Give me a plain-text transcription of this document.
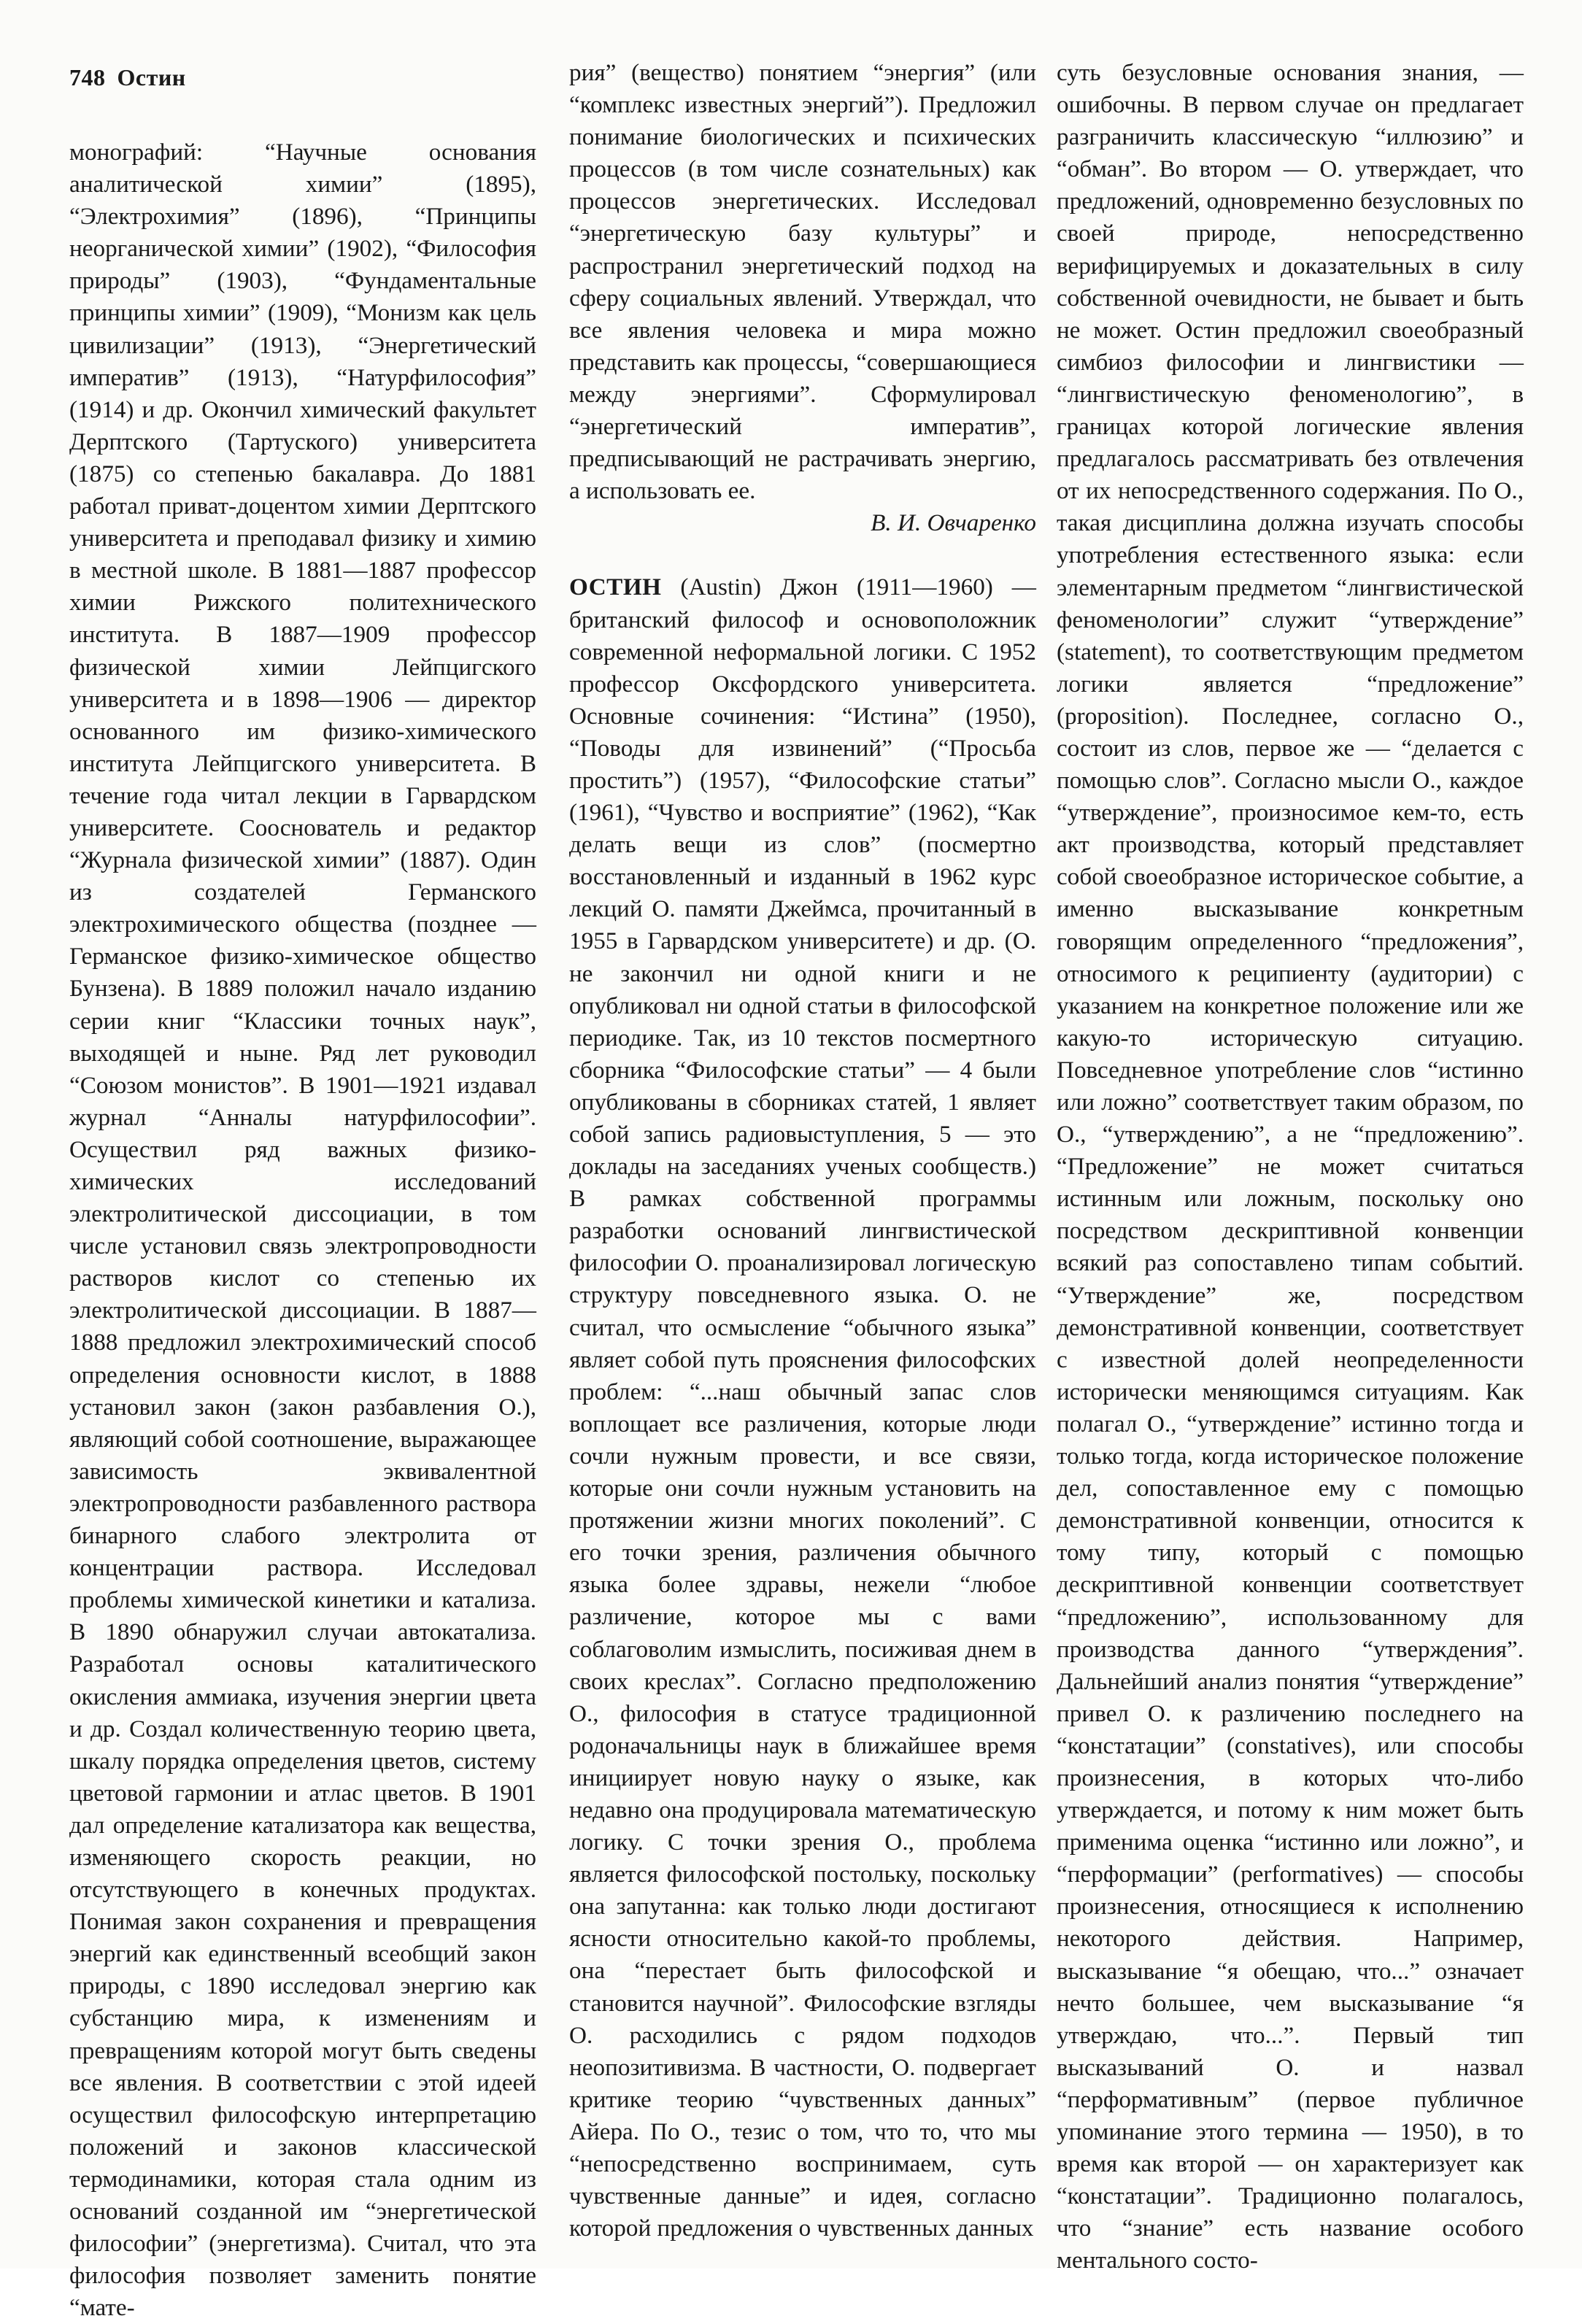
748 Остин

монографий: “Научные основания аналитической химии” (1895), “Электрохимия” (1896), “Принципы неорганической химии” (1902), “Философия природы” (1903), “Фундаментальные принципы химии” (1909), “Монизм как цель цивилизации” (1913), “Энергетический императив” (1913), “Натурфилософия” (1914) и др. Окончил химический факультет Дерптского (Тартуского) университета (1875) со степенью бакалавра. До 1881 работал приват-доцентом химии Дерптского университета и преподавал физику и химию в местной школе. В 1881—1887 профессор химии Рижского политехнического института. В 1887—1909 профессор физической химии Лейпцигского университета и в 1898—1906 — директор основанного им физико-химического института Лейпцигского университета. В течение года читал лекции в Гарвардском университете. Сооснователь и редактор “Журнала физической химии” (1887). Один из создателей Германского электрохимического общества (позднее — Германское физико-химическое общество Бунзена). В 1889 положил начало изданию серии книг “Классики точных наук”, выходящей и ныне. Ряд лет руководил “Союзом монистов”. В 1901—1921 издавал журнал “Анналы натурфилософии”. Осуществил ряд важных физико-химических исследований электролитической диссоциации, в том числе установил связь электропроводности растворов кислот со степенью их электролитической диссоциации. В 1887—1888 предложил электрохимический способ определения основности кислот, в 1888 установил закон (закон разбавления О.), являющий собой соотношение, выражающее зависимость эквивалентной электропроводности разбавленного раствора бинарного слабого электролита от концентрации раствора. Исследовал проблемы химической кинетики и катализа. В 1890 обнаружил случаи автокатализа. Разработал основы каталитического окисления аммиака, изучения энергии цвета и др. Создал количественную теорию цвета, шкалу порядка определения цветов, систему цветовой гармонии и атлас цветов. В 1901 дал определение катализатора как вещества, изменяющего скорость реакции, но отсутствующего в конечных продуктах. Понимая закон сохранения и превращения энергий как единственный всеобщий закон природы, с 1890 исследовал энергию как субстанцию мира, к изменениям и превращениям которой могут быть сведены все явления. В соответствии с этой идеей осуществил философскую интерпретацию положений и законов классической термодинамики, которая стала одним из оснований созданной им “энергетической философии” (энергетизма). Считал, что эта философия позволяет заменить понятие “мате-

рия” (вещество) понятием “энергия” (или “комплекс известных энергий”). Предложил понимание биологических и психических процессов (в том числе сознательных) как процессов энергетических. Исследовал “энергетическую базу культуры” и распространил энергетический подход на сферу социальных явлений. Утверждал, что все явления человека и мира можно представить как процессы, “совершающиеся между энергиями”. Сформулировал “энергетический императив”, предписывающий не растрачивать энергию, а использовать ее.

В. И. Овчаренко

ОСТИН (Austin) Джон (1911—1960) — британский философ и основоположник современной неформальной логики. С 1952 профессор Оксфордского университета. Основные сочинения: “Истина” (1950), “Поводы для извинений” (“Просьба простить”) (1957), “Философские статьи” (1961), “Чувство и восприятие” (1962), “Как делать вещи из слов” (посмертно восстановленный и изданный в 1962 курс лекций О. памяти Джеймса, прочитанный в 1955 в Гарвардском университете) и др. (О. не закончил ни одной книги и не опубликовал ни одной статьи в философской периодике. Так, из 10 текстов посмертного сборника “Философские статьи” — 4 были опубликованы в сборниках статей, 1 являет собой запись радиовыступления, 5 — это доклады на заседаниях ученых сообществ.) В рамках собственной программы разработки оснований лингвистической философии О. проанализировал логическую структуру повседневного языка. О. не считал, что осмысление “обычного языка” являет собой путь прояснения философских проблем: “...наш обычный запас слов воплощает все различения, которые люди сочли нужным провести, и все связи, которые они сочли нужным установить на протяжении жизни многих поколений”. С его точки зрения, различения обычного языка более здравы, нежели “любое различение, которое мы с вами соблаговолим измыслить, посиживая днем в своих креслах”. Согласно предположению О., философия в статусе традиционной родоначальницы наук в ближайшее время инициирует новую науку о языке, как недавно она продуцировала математическую логику. С точки зрения О., проблема является философской постольку, поскольку она запутанна: как только люди достигают ясности относительно какой-то проблемы, она “перестает быть философской и становится научной”. Философские взгляды О. расходились с рядом подходов неопозитивизма. В частности, О. подвергает критике теорию “чувственных данных” Айера. По О., тезис о том, что то, что мы “непосредственно воспринимаем, суть чувственные данные” и идея, согласно которой предложения о чувственных данных

суть безусловные основания знания, — ошибочны. В первом случае он предлагает разграничить классическую “иллюзию” и “обман”. Во втором — О. утверждает, что предложений, одновременно безусловных по своей природе, непосредственно верифицируемых и доказательных в силу собственной очевидности, не бывает и быть не может. Остин предложил своеобразный симбиоз философии и лингвистики — “лингвистическую феноменологию”, в границах которой логические явления предлагалось рассматривать без отвлечения от их непосредственного содержания. По О., такая дисциплина должна изучать способы употребления естественного языка: если элементарным предметом “лингвистической феноменологии” служит “утверждение” (statement), то соответствующим предметом логики является “предложение” (proposition). Последнее, согласно О., состоит из слов, первое же — “делается с помощью слов”. Согласно мысли О., каждое “утверждение”, произносимое кем-то, есть акт производства, который представляет собой своеобразное историческое событие, а именно высказывание конкретным говорящим определенного “предложения”, относимого к реципиенту (аудитории) с указанием на конкретное положение или же какую-то историческую ситуацию. Повседневное употребление слов “истинно или ложно” соответствует таким образом, по О., “утверждению”, а не “предложению”. “Предложение” не может считаться истинным или ложным, поскольку оно посредством дескриптивной конвенции всякий раз сопоставлено типам событий. “Утверждение” же, посредством демонстративной конвенции, соответствует с известной долей неопределенности исторически меняющимся ситуациям. Как полагал О., “утверждение” истинно тогда и только тогда, когда историческое положение дел, сопоставленное ему с помощью демонстративной конвенции, относится к тому типу, который с помощью дескриптивной конвенции соответствует “предложению”, использованному для производства данного “утверждения”. Дальнейший анализ понятия “утверждение” привел О. к различению последнего на “констатации” (constatives), или способы произнесения, в которых что-либо утверждается, и потому к ним может быть применима оценка “истинно или ложно”, и “перформации” (performatives) — способы произнесения, относящиеся к исполнению некоторого действия. Например, высказывание “я обещаю, что...” означает нечто большее, чем высказывание “я утверждаю, что...”. Первый тип высказываний О. и назвал “перформативным” (первое публичное упоминание этого термина — 1950), в то время как второй — он характеризует как “констатации”. Традиционно полагалось, что “знание” есть название особого ментального состо-
